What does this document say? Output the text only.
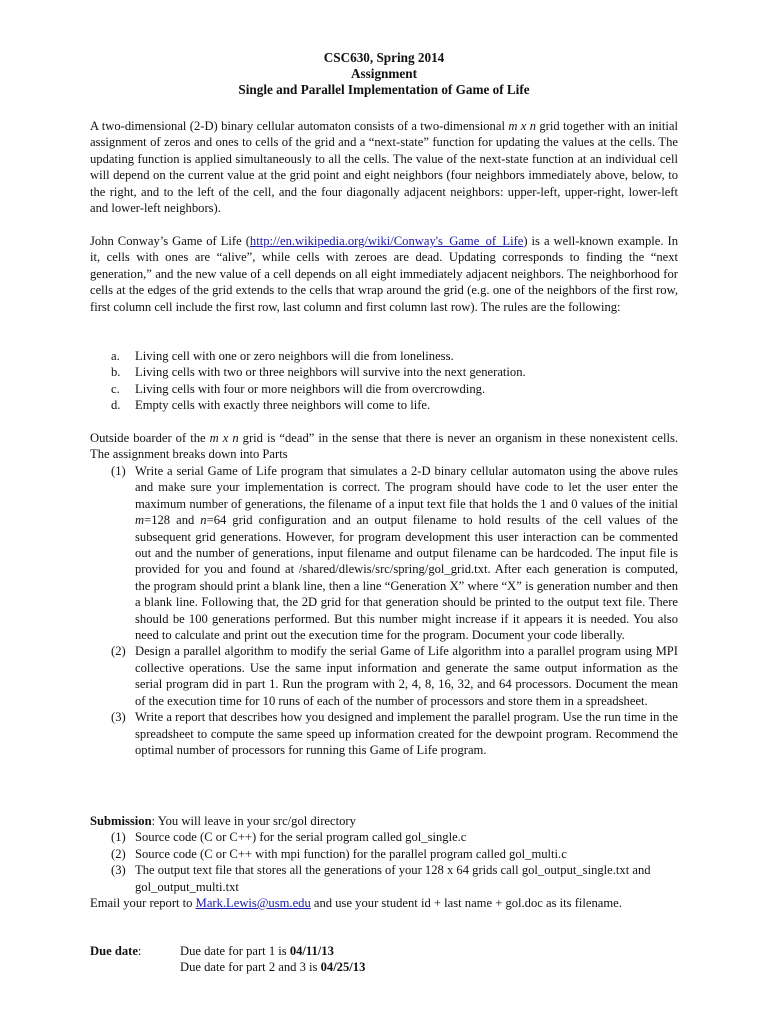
CSC630, Spring 2014
Assignment
Single and Parallel Implementation of Game of Life
A two-dimensional (2-D) binary cellular automaton consists of a two-dimensional m x n grid together with an initial assignment of zeros and ones to cells of the grid and a “next-state” function for updating the values at the cells. The updating function is applied simultaneously to all the cells. The value of the next-state function at an individual cell will depend on the current value at the grid point and eight neighbors (four neighbors immediately above, below, to the right, and to the left of the cell, and the four diagonally adjacent neighbors: upper-left, upper-right, lower-left and lower-left neighbors).
John Conway’s Game of Life (http://en.wikipedia.org/wiki/Conway's_Game_of_Life) is a well-known example. In it, cells with ones are “alive”, while cells with zeroes are dead. Updating corresponds to finding the “next generation,” and the new value of a cell depends on all eight immediately adjacent neighbors. The neighborhood for cells at the edges of the grid extends to the cells that wrap around the grid (e.g. one of the neighbors of the first row, first column cell include the first row, last column and first column last row). The rules are the following:
a.	Living cell with one or zero neighbors will die from loneliness.
b.	Living cells with two or three neighbors will survive into the next generation.
c.	Living cells with four or more neighbors will die from overcrowding.
d.	Empty cells with exactly three neighbors will come to life.
Outside boarder of the m x n grid is “dead” in the sense that there is never an organism in these nonexistent cells. The assignment breaks down into Parts
(1) Write a serial Game of Life program that simulates a 2-D binary cellular automaton using the above rules and make sure your implementation is correct. The program should have code to let the user enter the maximum number of generations, the filename of a input text file that holds the 1 and 0 values of the initial m=128 and n=64 grid configuration and an output filename to hold results of the cell values of the subsequent grid generations. However, for program development this user interaction can be commented out and the number of generations, input filename and output filename can be hardcoded. The input file is provided for you and found at /shared/dlewis/src/spring/gol_grid.txt. After each generation is computed, the program should print a blank line, then a line “Generation X” where “X” is generation number and then a blank line. Following that, the 2D grid for that generation should be printed to the output text file. There should be 100 generations performed. But this number might increase if it appears it is needed. You also need to calculate and print out the execution time for the program. Document your code liberally.
(2) Design a parallel algorithm to modify the serial Game of Life algorithm into a parallel program using MPI collective operations. Use the same input information and generate the same output information as the serial program did in part 1. Run the program with 2, 4, 8, 16, 32, and 64 processors. Document the mean of the execution time for 10 runs of each of the number of processors and store them in a spreadsheet.
(3) Write a report that describes how you designed and implement the parallel program. Use the run time in the spreadsheet to compute the same speed up information created for the dewpoint program. Recommend the optimal number of processors for running this Game of Life program.
Submission: You will leave in your src/gol directory
(1) Source code (C or C++) for the serial program called gol_single.c
(2) Source code (C or C++ with mpi function) for the parallel program called gol_multi.c
(3) The output text file that stores all the generations of your 128 x 64 grids call gol_output_single.txt and gol_output_multi.txt
Email your report to Mark.Lewis@usm.edu and use your student id + last name + gol.doc as its filename.
Due date:	Due date for part 1 is 04/11/13
Due date for part 2 and 3 is 04/25/13
